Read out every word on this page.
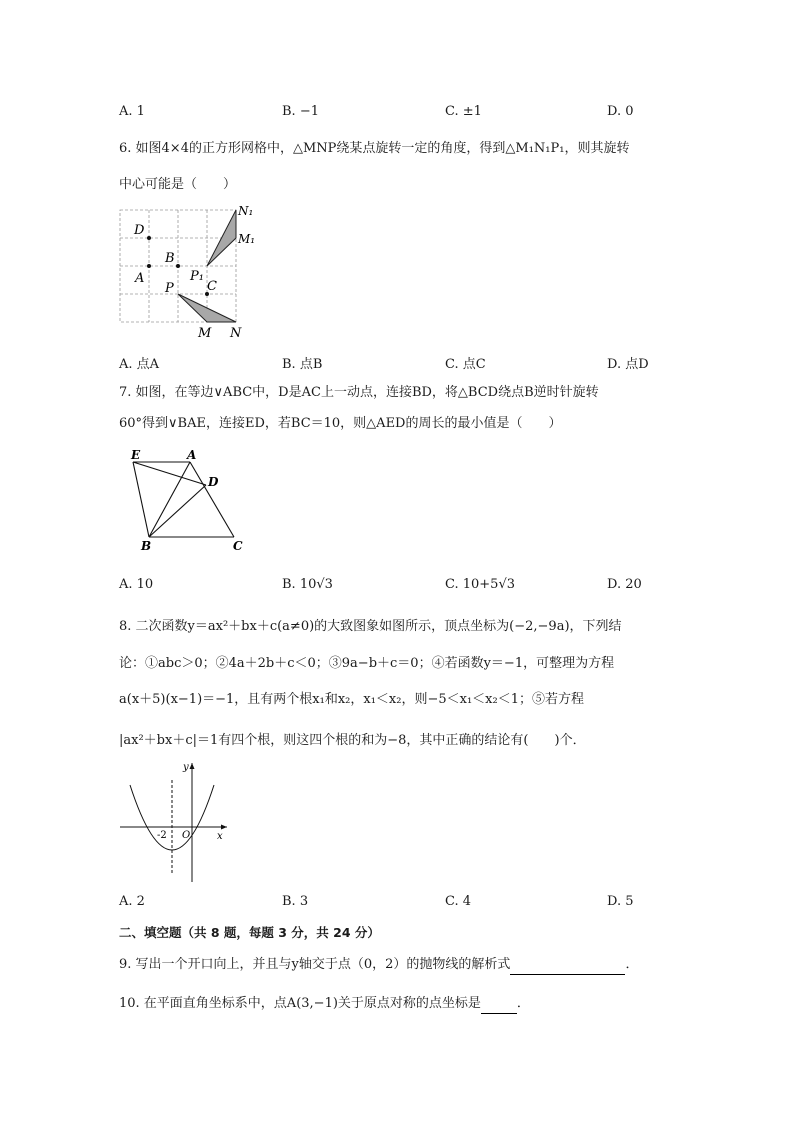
A. 1	B. −1	C. ±1	D. 0
6. 如图4×4的正方形网格中，△MNP绕某点旋转一定的角度，得到△M₁N₁P₁，则其旋转
中心可能是（　　）
D
A
B
P₁
C
P
M N
N₁
M₁
A. 点A	B. 点B	C. 点C	D. 点D
7. 如图，在等边∨ABC中，D是AC上一动点，连接BD，将△BCD绕点B逆时针旋转
60°得到∨BAE，连接ED，若BC＝10，则△AED的周长的最小值是（　　）
E	A
D
B	C
A. 10	B. 10√3	C. 10+5√3	D. 20
8. 二次函数y＝ax²＋bx＋c(a≠0)的大致图象如图所示，顶点坐标为(−2,−9a)，下列结
论：①abc＞0；②4a＋2b＋c＜0；③9a−b＋c＝0；④若函数y＝−1，可整理为方程
a(x＋5)(x−1)＝−1，且有两个根x₁和x₂，x₁＜x₂，则−5＜x₁＜x₂＜1；⑤若方程
|ax²＋bx＋c|＝1有四个根，则这四个根的和为−8，其中正确的结论有(　　)个．
y
x
O
-2
A. 2	B. 3	C. 4	D. 5
二、填空题（共 8 题，每题 3 分，共 24 分）
9. 写出一个开口向上，并且与y轴交于点（0，2）的抛物线的解析式	．
10. 在平面直角坐标系中，点A(3,−1)关于原点对称的点坐标是	．
